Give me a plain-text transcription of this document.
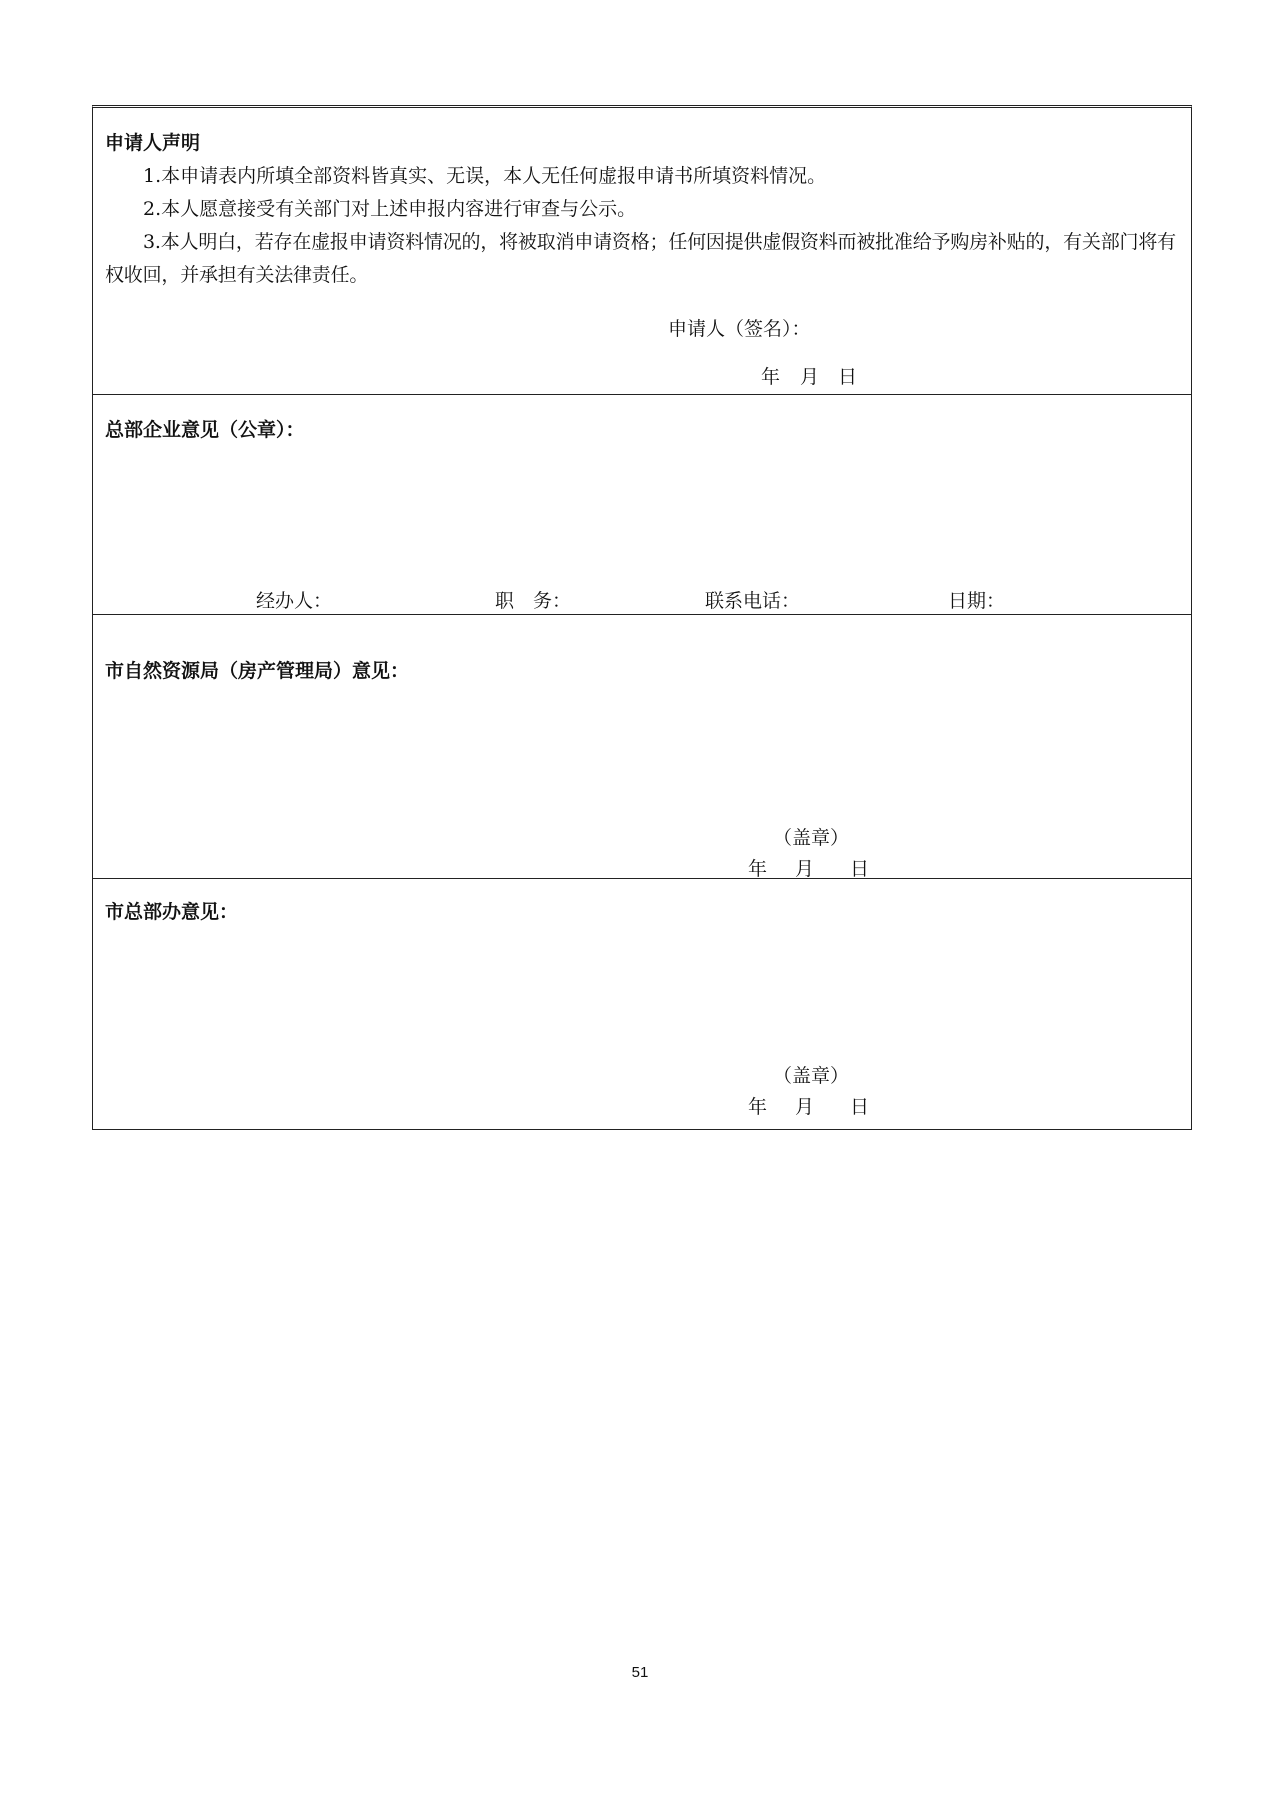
申请人声明
1.本申请表内所填全部资料皆真实、无误，本人无任何虚报申请书所填资料情况。
2.本人愿意接受有关部门对上述申报内容进行审查与公示。
3.本人明白，若存在虚报申请资料情况的，将被取消申请资格；任何因提供虚假资料而被批准给予购房补贴的，有关部门将有权收回，并承担有关法律责任。
申请人（签名）：
年 月 日
总部企业意见（公章）：
经办人：	职　务：	联系电话：	日期：
市自然资源局（房产管理局）意见：
（盖章）
年 月 日
市总部办意见：
（盖章）
年 月 日
51
